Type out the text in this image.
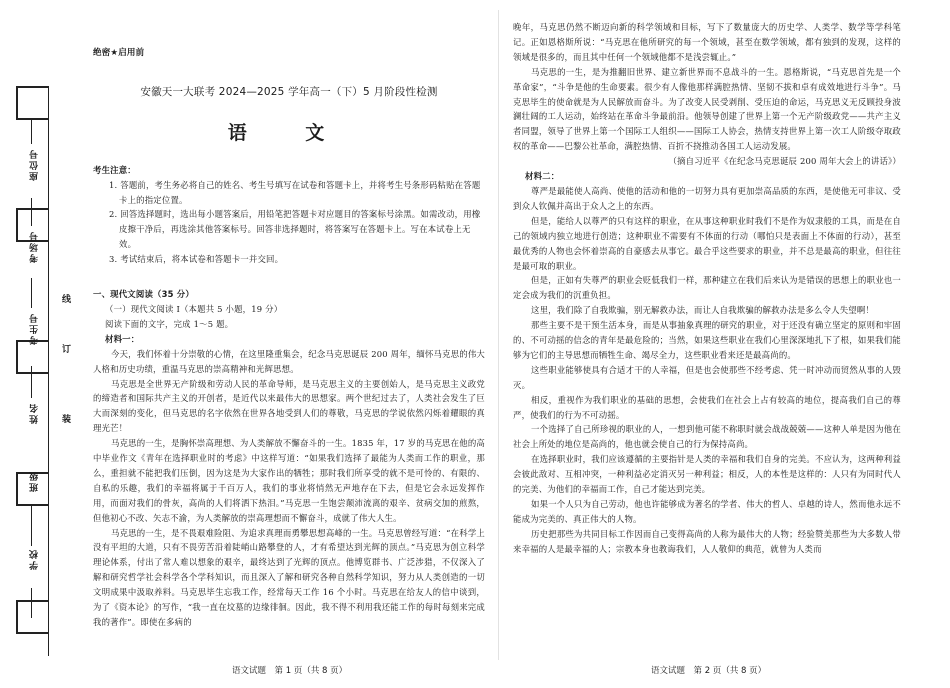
座位号
考场号
考生号
姓名
班级
学校
线
订
装
绝密★启用前
安徽天一大联考 2024—2025 学年高一（下）5 月阶段性检测
语 文
考生注意：
1. 答题前，考生务必将自己的姓名、考生号填写在试卷和答题卡上，并将考生号条形码粘贴在答题卡上的指定位置。
2. 回答选择题时，选出每小题答案后，用铅笔把答题卡对应题目的答案标号涂黑。如需改动，用橡皮擦干净后，再选涂其他答案标号。回答非选择题时，将答案写在答题卡上。写在本试卷上无效。
3. 考试结束后，将本试卷和答题卡一并交回。
一、现代文阅读（35 分）
（一）现代文阅读 Ⅰ（本题共 5 小题，19 分）
阅读下面的文字，完成 1～5 题。
材料一：
今天，我们怀着十分崇敬的心情，在这里隆重集会，纪念马克思诞辰 200 周年，缅怀马克思的伟大人格和历史功绩，重温马克思的崇高精神和光辉思想。
马克思是全世界无产阶级和劳动人民的革命导师，是马克思主义的主要创始人，是马克思主义政党的缔造者和国际共产主义的开创者，是近代以来最伟大的思想家。两个世纪过去了，人类社会发生了巨大而深刻的变化，但马克思的名字依然在世界各地受到人们的尊敬，马克思的学说依然闪烁着耀眼的真理光芒！
马克思的一生，是胸怀崇高理想、为人类解放不懈奋斗的一生。1835 年，17 岁的马克思在他的高中毕业作文《青年在选择职业时的考虑》中这样写道：“如果我们选择了最能为人类而工作的职业，那么，重担就不能把我们压倒，因为这是为大家作出的牺牲；那时我们所享受的就不是可怜的、有限的、自私的乐趣，我们的幸福将属于千百万人，我们的事业将悄然无声地存在下去，但是它会永远发挥作用，而面对我们的骨灰，高尚的人们将洒下热泪。”马克思一生饱尝颠沛流离的艰辛、贫病交加的煎熬，但他初心不改、矢志不渝，为人类解放的崇高理想而不懈奋斗，成就了伟大人生。
马克思的一生，是不畏艰难险阻、为追求真理而勇攀思想高峰的一生。马克思曾经写道：“在科学上没有平坦的大道，只有不畏劳苦沿着陡峭山路攀登的人，才有希望达到光辉的顶点。”马克思为创立科学理论体系，付出了常人难以想象的艰辛，最终达到了光辉的顶点。他博览群书、广泛涉猎，不仅深入了解和研究哲学社会科学各个学科知识，而且深入了解和研究各种自然科学知识，努力从人类创造的一切文明成果中汲取养料。马克思毕生忘我工作，经常每天工作 16 个小时。马克思在给友人的信中谈到，为了《资本论》的写作，“我一直在坟墓的边缘徘徊。因此，我不得不利用我还能工作的每时每刻来完成我的著作”。即使在多病的
语文试题　第 1 页（共 8 页）
晚年，马克思仍然不断迈向新的科学领域和目标，写下了数量庞大的历史学、人类学、数学等学科笔记。正如恩格斯所说：“马克思在他所研究的每一个领域，甚至在数学领域，都有独到的发现，这样的领域是很多的，而且其中任何一个领域他都不是浅尝辄止。”
马克思的一生，是为推翻旧世界、建立新世界而不息战斗的一生。恩格斯说，“马克思首先是一个革命家”，“斗争是他的生命要素。很少有人像他那样满腔热情、坚韧不拔和卓有成效地进行斗争”。马克思毕生的使命就是为人民解放而奋斗。为了改变人民受剥削、受压迫的命运，马克思义无反顾投身波澜壮阔的工人运动，始终站在革命斗争最前沿。他领导创建了世界上第一个无产阶级政党——共产主义者同盟，领导了世界上第一个国际工人组织——国际工人协会，热情支持世界上第一次工人阶级夺取政权的革命——巴黎公社革命，满腔热情、百折不挠推动各国工人运动发展。
（摘自习近平《在纪念马克思诞辰 200 周年大会上的讲话》）
材料二：
尊严是最能使人高尚、使他的活动和他的一切努力具有更加崇高品质的东西，是使他无可非议、受到众人钦佩并高出于众人之上的东西。
但是，能给人以尊严的只有这样的职业，在从事这种职业时我们不是作为奴隶般的工具，而是在自己的领域内独立地进行创造；这种职业不需要有不体面的行动（哪怕只是表面上不体面的行动），甚至最优秀的人物也会怀着崇高的自豪感去从事它。最合乎这些要求的职业，并不总是最高的职业，但往往是最可取的职业。
但是，正如有失尊严的职业会贬低我们一样，那种建立在我们后来认为是错误的思想上的职业也一定会成为我们的沉重负担。
这里，我们除了自我欺骗，别无解救办法，而让人自我欺骗的解救办法是多么令人失望啊！
那些主要不是干预生活本身，而是从事抽象真理的研究的职业，对于还没有确立坚定的原则和牢固的、不可动摇的信念的青年是最危险的；当然，如果这些职业在我们心里深深地扎下了根，如果我们能够为它们的主导思想而牺牲生命、竭尽全力，这些职业看来还是最高尚的。
这些职业能够使具有合适才干的人幸福，但是也会使那些不经考虑、凭一时冲动而贸然从事的人毁灭。
相反，重视作为我们职业的基础的思想，会使我们在社会上占有较高的地位，提高我们自己的尊严，使我们的行为不可动摇。
一个选择了自己所珍视的职业的人，一想到他可能不称职时就会战战兢兢——这种人单是因为他在社会上所处的地位是高尚的，他也就会使自己的行为保持高尚。
在选择职业时，我们应该遵循的主要指针是人类的幸福和我们自身的完美。不应认为，这两种利益会彼此敌对、互相冲突，一种利益必定消灭另一种利益；相反，人的本性是这样的：人只有为同时代人的完美、为他们的幸福而工作，自己才能达到完美。
如果一个人只为自己劳动，他也许能够成为著名的学者、伟大的哲人、卓越的诗人，然而他永远不能成为完美的、真正伟大的人物。
历史把那些为共同目标工作因而自己变得高尚的人称为最伟大的人物；经验赞美那些为大多数人带来幸福的人是最幸福的人；宗教本身也教诲我们，人人敬仰的典范，就曾为人类而
语文试题　第 2 页（共 8 页）
